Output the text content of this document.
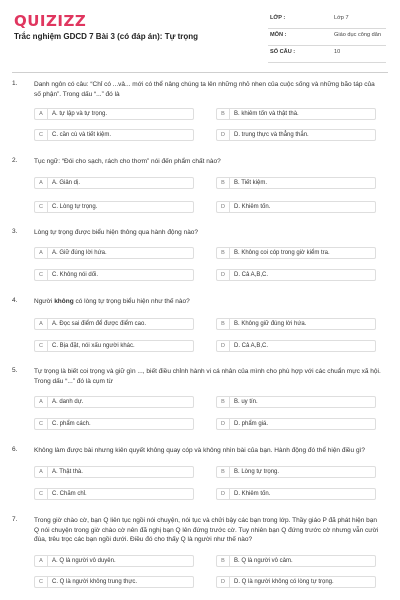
QUIZIZZ
Trắc nghiệm GDCD 7 Bài 3 (có đáp án): Tự trọng
LỚP :	Lớp 7
MÔN :	Giáo dục công dân
SỐ CÂU :	10
1.	Danh ngôn có câu: “Chỉ có ...vả... mới có thể nâng chúng ta lên những nhỏ nhen của cuộc sống và những bão táp của số phận”. Trong dấu “...” đó là
A	A. tự lập và tự trọng.	B	B. khiêm tốn và thật thà.
C	C. cần cù và tiết kiệm.	D	D. trung thực và thẳng thắn.
2.	Tục ngữ: “Đói cho sạch, rách cho thơm” nói đến phẩm chất nào?
A	A. Giản dị.	B	B. Tiết kiệm.
C	C. Lòng tự trọng.	D	D. Khiêm tốn.
3.	Lòng tự trọng được biểu hiện thông qua hành động nào?
A	A. Giữ đúng lời hứa.	B	B. Không coi cóp trong giờ kiểm tra.
C	C. Không nói dối.	D	D. Cả A,B,C.
4.	Người không có lòng tự trọng biểu hiện như thế nào?
A	A. Đọc sai điểm để được điểm cao.	B	B. Không giữ đúng lời hứa.
C	C. Bịa đặt, nói xấu người khác.	D	D. Cả A,B,C.
5.	Tự trọng là biết coi trọng và giữ gìn ..., biết điều chỉnh hành vi cá nhân của mình cho phù hợp với các chuẩn mực xã hội. Trong dấu “...” đó là cụm từ
A	A. danh dự.	B	B. uy tín.
C	C. phẩm cách.	D	D. phẩm giá.
6.	Không làm được bài nhưng kiên quyết không quay cóp và không nhìn bài của bạn. Hành động đó thể hiện điều gì?
A	A. Thật thà.	B	B. Lòng tự trọng.
C	C. Chăm chỉ.	D	D. Khiêm tốn.
7.	Trong giờ chào cờ, bạn Q liên tục ngồi nói chuyện, nói tục và chửi bậy các bạn trong lớp. Thầy giáo P đã phát hiện bạn Q nói chuyện trong giờ chào cờ nên đã nghị bạn Q lên đứng trước cờ. Tuy nhiên bạn Q đứng trước cờ nhưng vẫn cười đùa, trêu trọc các bạn ngồi dưới. Điều đó cho thấy Q là người như thế nào?
A	A. Q là người vô duyên.	B	B. Q là người vô cảm.
C	C. Q là người không trung thực.	D	D. Q là người không có lòng tự trọng.
